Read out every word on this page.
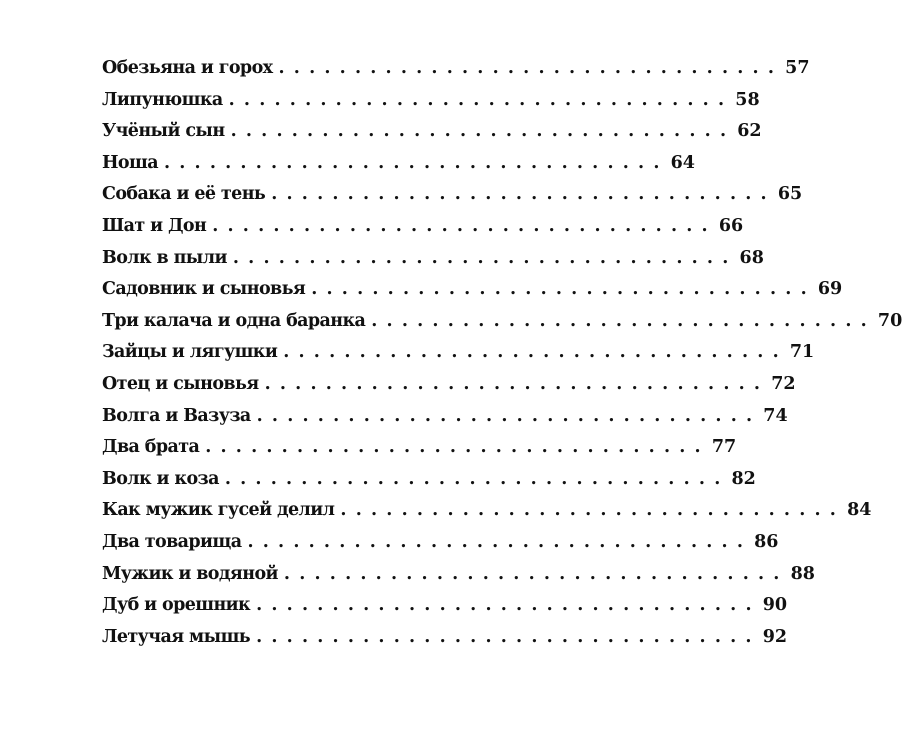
Обезьяна и горох ................................. 57
Липунюшка ................................. 58
Учёный сын ................................. 62
Ноша ................................. 64
Собака и её тень ................................. 65
Шат и Дон ................................. 66
Волк в пыли ................................. 68
Садовник и сыновья ................................. 69
Три калача и одна баранка ................................. 70
Зайцы и лягушки ................................. 71
Отец и сыновья ................................. 72
Волга и Вазуза ................................. 74
Два брата ................................. 77
Волк и коза ................................. 82
Как мужик гусей делил ................................. 84
Два товарища ................................. 86
Мужик и водяной ................................. 88
Дуб и орешник ................................. 90
Летучая мышь ................................. 92
